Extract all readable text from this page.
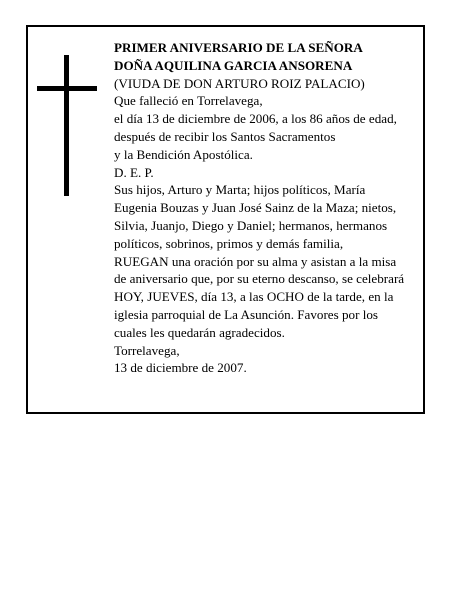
PRIMER ANIVERSARIO DE LA SEÑORA
DOÑA AQUILINA GARCIA ANSORENA
(VIUDA DE DON ARTURO ROIZ PALACIO)
Que falleció en Torrelavega,
el día 13 de diciembre de 2006, a los 86 años de edad,
después de recibir los Santos Sacramentos
y la Bendición Apostólica.
D. E. P.
Sus hijos, Arturo y Marta; hijos políticos, María
Eugenia Bouzas y Juan José Sainz de la Maza; nietos,
Silvia, Juanjo, Diego y Daniel; hermanos, hermanos
políticos, sobrinos, primos y demás familia,
RUEGAN una oración por su alma y asistan a la misa
de aniversario que, por su eterno descanso, se celebrará
HOY, JUEVES, día 13, a las OCHO de la tarde, en la
iglesia parroquial de La Asunción. Favores por los
cuales les quedarán agradecidos.
Torrelavega,
13 de diciembre de 2007.
